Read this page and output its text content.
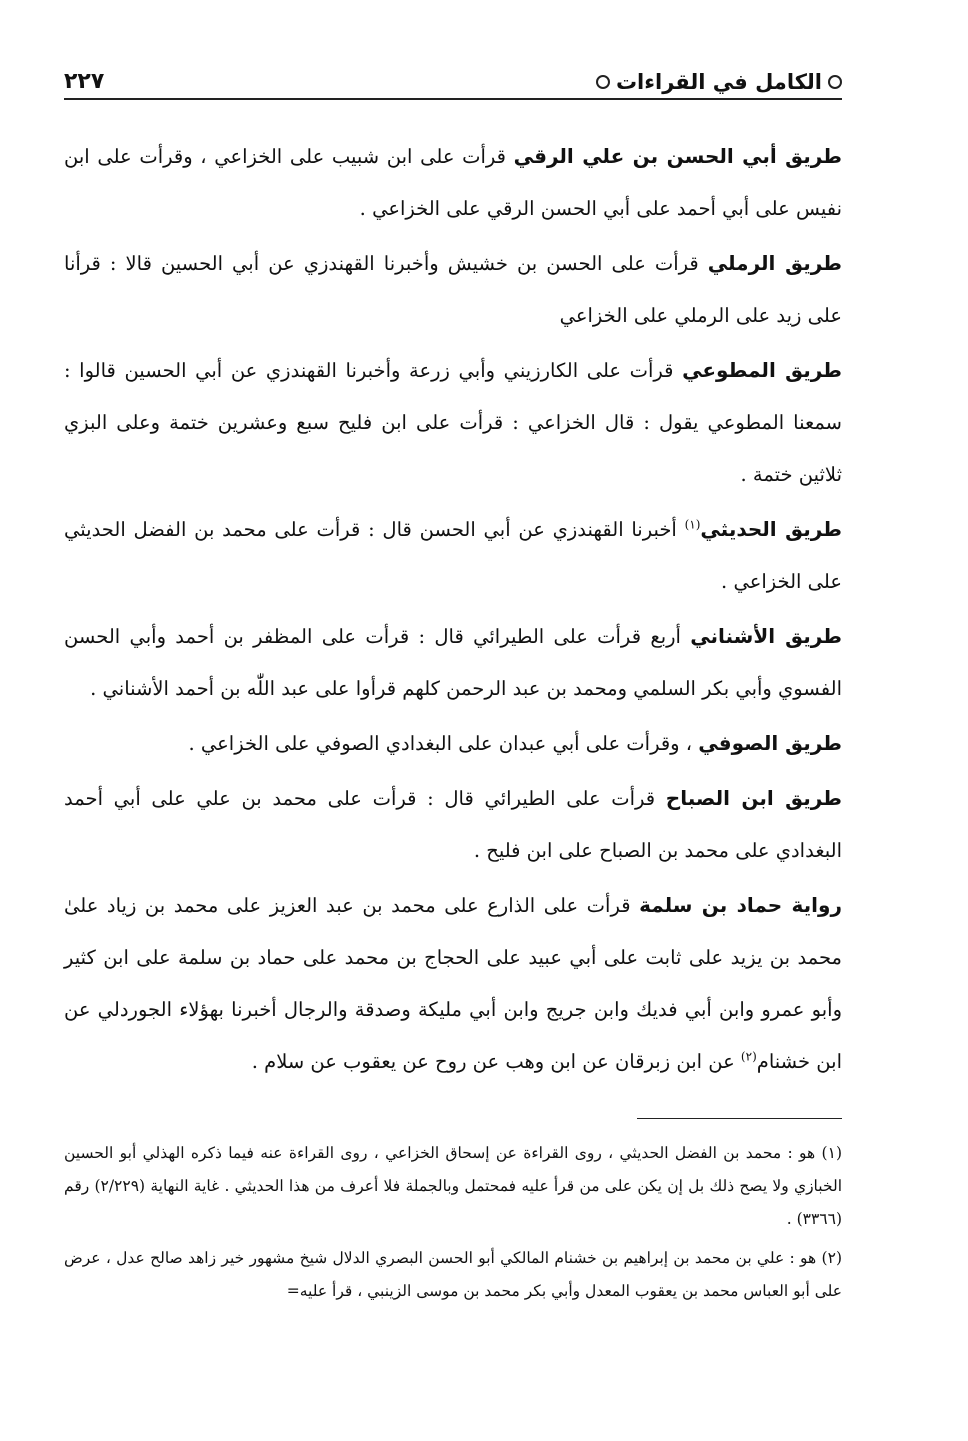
الكامل في القراءات
٢٢٧

طريق أبي الحسن بن علي الرقي قرأت على ابن شبيب على الخزاعي ، وقرأت على ابن نفيس على أبي أحمد على أبي الحسن الرقي على الخزاعي .

طريق الرملي قرأت على الحسن بن خشيش وأخبرنا القهندزي عن أبي الحسين قالا : قرأنا على زيد على الرملي على الخزاعي

طريق المطوعي قرأت على الكارزيني وأبي زرعة وأخبرنا القهندزي عن أبي الحسين قالوا : سمعنا المطوعي يقول : قال الخزاعي : قرأت على ابن فليح سبع وعشرين ختمة وعلى البزي ثلاثين ختمة .

طريق الحديثي$^{(١)}$ أخبرنا القهندزي عن أبي الحسن قال : قرأت على محمد بن الفضل الحديثي على الخزاعي .

طريق الأشناني أربع قرأت على الطيرائي قال : قرأت على المظفر بن أحمد وأبي الحسن الفسوي وأبي بكر السلمي ومحمد بن عبد الرحمن كلهم قرأوا على عبد اللّٰه بن أحمد الأشناني .

طريق الصوفي ، وقرأت على أبي عبدان على البغدادي الصوفي على الخزاعي .

طريق ابن الصباح قرأت على الطيرائي قال : قرأت على محمد بن علي على أبي أحمد البغدادي على محمد بن الصباح على ابن فليح .

رواية حماد بن سلمة قرأت على الذارع على محمد بن عبد العزيز على محمد بن زياد علىٰ محمد بن يزيد على ثابت على أبي عبيد على الحجاج بن محمد على حماد بن سلمة على ابن كثير وأبو عمرو وابن أبي فديك وابن جريج وابن أبي مليكة وصدقة والرجال أخبرنا بهؤلاء الجوردلي عن ابن خشنام$^{(٢)}$ عن ابن زبرقان عن ابن وهب عن روح عن يعقوب عن سلام .

(١) هو : محمد بن الفضل الحديثي ، روى القراءة عن إسحاق الخزاعي ، روى القراءة عنه فيما ذكره الهذلي أبو الحسين الخبازي ولا يصح ذلك بل إن يكن على من قرأ عليه فمحتمل وبالجملة فلا أعرف من هذا الحديثي . غاية النهاية (٢/٢٢٩) رقم (٣٣٦٦) .

(٢) هو : علي بن محمد بن إبراهيم بن خشنام المالكي أبو الحسن البصري الدلال شيخ مشهور خير زاهد صالح عدل ، عرض على أبو العباس محمد بن يعقوب المعدل وأبي بكر محمد بن موسى الزينبي ، قرأ عليه=
